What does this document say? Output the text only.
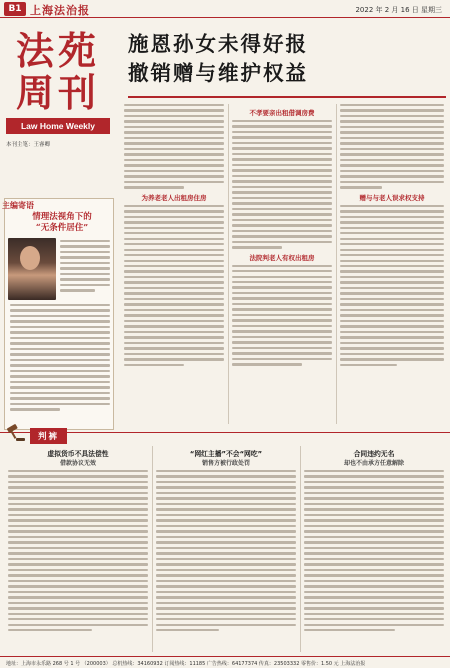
B1 上海法治报	2022 年 2 月 16 日 星期三
法苑
周刊
Law Home Weekly
本刊主笔：王睿卿
主编寄语
情理法视角下的
“无条件居住”
施恩孙女未得好报
撤销赠与维护权益
为养老老人出租房住房
不孝要亲出租借调房费
法院判老人有权出租房
赠与与老人误求权支持
判裤
虚拟货币不具法偿性
借款协议无效
“网红主播”不会“网吃”
销售方被行政处罚
合同违约无名
却也不由承方任意解除
地址：上海市永乐路 268 号 1 号 （200003） 总机热线：34160932 订阅热线：11185 广告热线：64177374 传真：23503332 零售价：1.50 元 上海法治报
